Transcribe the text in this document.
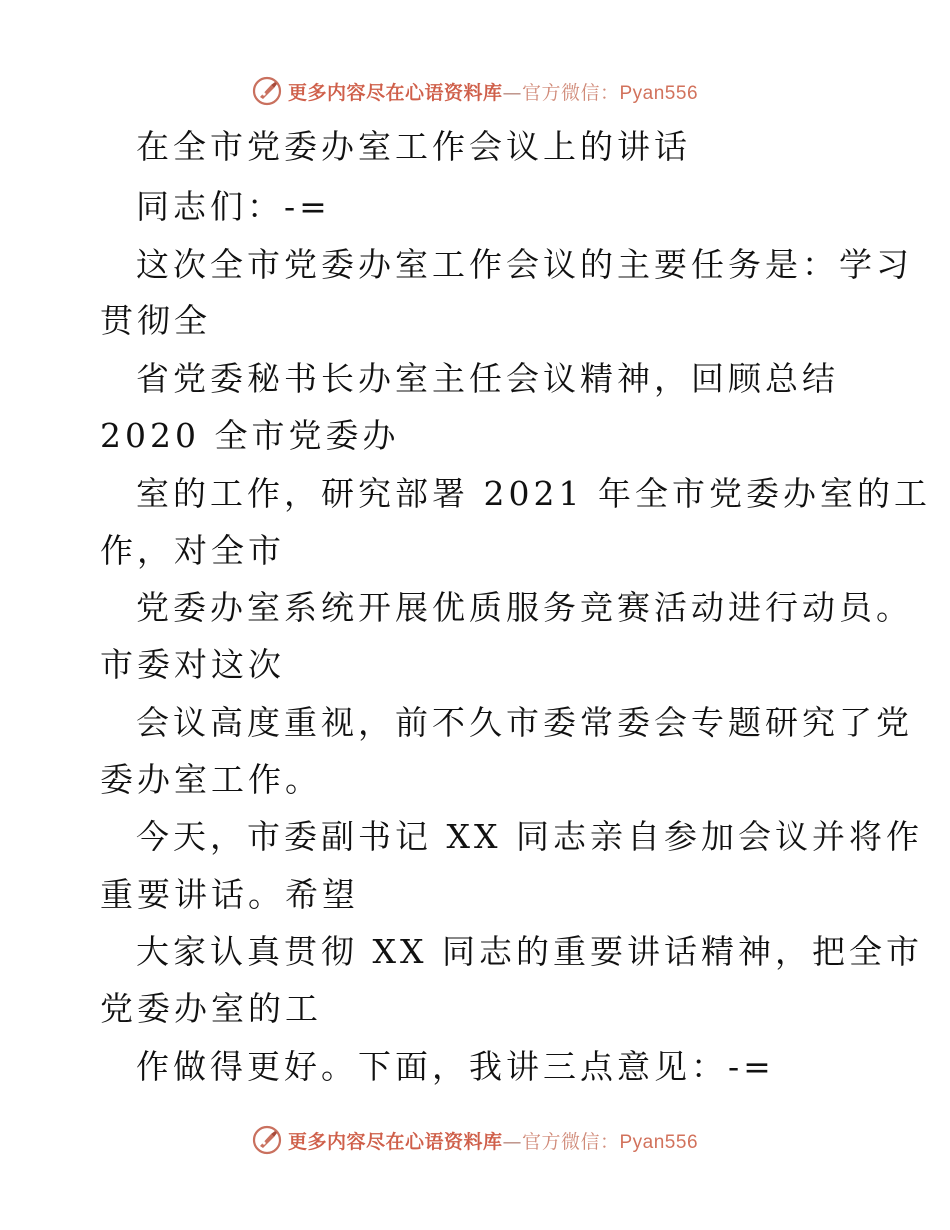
更多内容尽在心语资料库—官方微信：Pyan556
在全市党委办室工作会议上的讲话
同志们：-=
这次全市党委办室工作会议的主要任务是：学习
贯彻全
省党委秘书长办室主任会议精神，回顾总结
2020 全市党委办
室的工作，研究部署 2021 年全市党委办室的工
作，对全市
党委办室系统开展优质服务竞赛活动进行动员。
市委对这次
会议高度重视，前不久市委常委会专题研究了党
委办室工作。
今天，市委副书记 XX 同志亲自参加会议并将作
重要讲话。希望
大家认真贯彻 XX 同志的重要讲话精神，把全市
党委办室的工
作做得更好。下面，我讲三点意见：-=
更多内容尽在心语资料库—官方微信：Pyan556
